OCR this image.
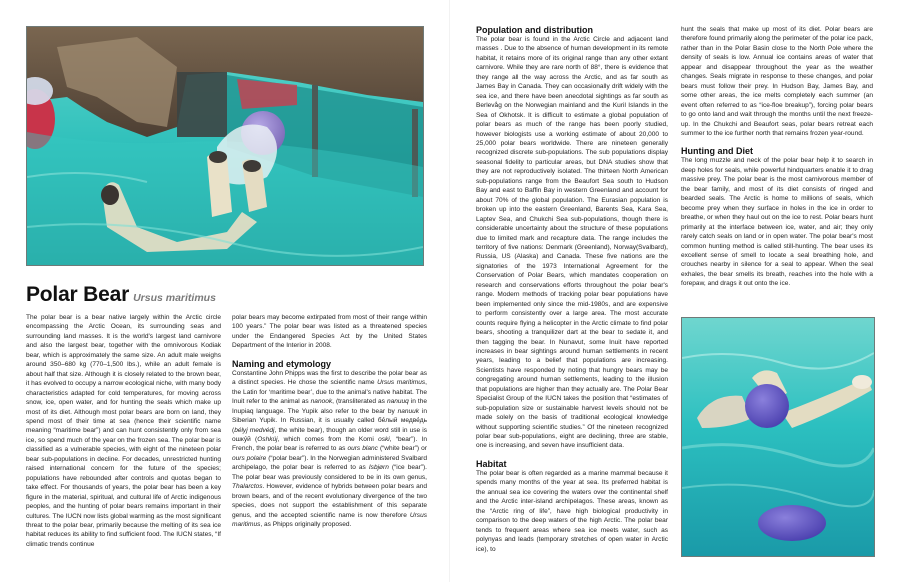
Polar Bear Ursus maritimus

The polar bear is a bear native largely within the Arctic circle encompassing the Arctic Ocean, its surrounding seas and surrounding land masses. It is the world's largest land carnivore and also the largest bear, together with the omnivorous Kodiak bear, which is approximately the same size. An adult male weighs around 350–680 kg (770–1,500 lbs.), while an adult female is about half that size. Although it is closely related to the brown bear, it has evolved to occupy a narrow ecological niche, with many body characteristics adapted for cold temperatures, for moving across snow, ice, open water, and for hunting the seals which make up most of its diet. Although most polar bears are born on land, they spend most of their time at sea (hence their scientific name meaning “maritime bear”) and can hunt consistently only from sea ice, so spend much of the year on the frozen sea. The polar bear is classified as a vulnerable species, with eight of the nineteen polar bear sub-populations in decline. For decades, unrestricted hunting raised international concern for the future of the species; populations have rebounded after controls and quotas began to take effect. For thousands of years, the polar bear has been a key figure in the material, spiritual, and cultural life of Arctic indigenous peoples, and the hunting of polar bears remains important in their cultures. The IUCN now lists global warming as the most significant threat to the polar bear, primarily because the melting of its sea ice habitat reduces its ability to find sufficient food. The IUCN states, “If climatic trends continue

polar bears may become extirpated from most of their range within 100 years.” The polar bear was listed as a threatened species under the Endangered Species Act by the United States Department of the Interior in 2008.

Naming and etymology

Constantine John Phipps was the first to describe the polar bear as a distinct species. He chose the scientific name Ursus maritimus, the Latin for ‘maritime bear’, due to the animal's native habitat. The Inuit refer to the animal as nanook, (transliterated as nanuuq in the Inupiaq language. The Yupik also refer to the bear by nanuuk in Siberian Yupik. In Russian, it is usually called бе́лый медве́дь (bélyj medvédj, the white bear), though an older word still in use is ошку́й (Oshkúj, which comes from the Komi oski, “bear”). In French, the polar bear is referred to as ours blanc (“white bear”) or ours polaire (“polar bear”). In the Norwegian administered Svalbard archipelago, the polar bear is referred to as Isbjørn (“ice bear”). The polar bear was previously considered to be in its own genus, Thalarctos. However, evidence of hybrids between polar bears and brown bears, and of the recent evolutionary divergence of the two species, does not support the establishment of this separate genus, and the accepted scientific name is now therefore Ursus maritimus, as Phipps originally proposed.

Population and distribution

The polar bear is found in the Arctic Circle and adjacent land masses . Due to the absence of human development in its remote habitat, it retains more of its original range than any other extant carnivore. While they are rare north of 88°, there is evidence that they range all the way across the Arctic, and as far south as James Bay in Canada. They can occasionally drift widely with the sea ice, and there have been anecdotal sightings as far south as Berlevåg on the Norwegian mainland and the Kuril Islands in the Sea of Okhotsk. It is difficult to estimate a global population of polar bears as much of the range has been poorly studied, however biologists use a working estimate of about 20,000 to 25,000 polar bears worldwide. There are nineteen generally recognized discrete sub-populations. The sub populations display seasonal fidelity to particular areas, but DNA studies show that they are not reproductively isolated. The thirteen North American sub-populations range from the Beaufort Sea south to Hudson Bay and east to Baffin Bay in western Greenland and account for about 70% of the global population. The Eurasian population is broken up into the eastern Greenland, Barents Sea, Kara Sea, Laptev Sea, and Chukchi Sea sub-populations, though there is considerable uncertainty about the structure of these populations due to limited mark and recapture data. The range includes the territory of five nations: Denmark (Greenland), Norway(Svalbard), Russia, US (Alaska) and Canada. These five nations are the signatories of the 1973 International Agreement for the Conservation of Polar Bears, which mandates cooperation on research and conservations efforts throughout the polar bear's range. Modern methods of tracking polar bear populations have been implemented only since the mid-1980s, and are expensive to perform consistently over a large area. The most accurate counts require flying a helicopter in the Arctic climate to find polar bears, shooting a tranquilizer dart at the bear to sedate it, and then tagging the bear. In Nunavut, some Inuit have reported increases in bear sightings around human settlements in recent years, leading to a belief that populations are increasing. Scientists have responded by noting that hungry bears may be congregating around human settlements, leading to the illusion that populations are higher than they actually are. The Polar Bear Specialist Group of the IUCN takes the position that “estimates of sub-population size or sustainable harvest levels should not be made solely on the basis of traditional ecological knowledge without supporting scientific studies.” Of the nineteen recognized polar bear sub-populations, eight are declining, three are stable, one is increasing, and seven have insufficient data.

Habitat

The polar bear is often regarded as a marine mammal because it spends many months of the year at sea. Its preferred habitat is the annual sea ice covering the waters over the continental shelf and the Arctic inter-island archipelagos. These areas, known as the “Arctic ring of life”, have high biological productivity in comparison to the deep waters of the high Arctic. The polar bear tends to frequent areas where sea ice meets water, such as polynyas and leads (temporary stretches of open water in Arctic ice), to

hunt the seals that make up most of its diet. Polar bears are therefore found primarily along the perimeter of the polar ice pack, rather than in the Polar Basin close to the North Pole where the density of seals is low. Annual ice contains areas of water that appear and disappear throughout the year as the weather changes. Seals migrate in response to these changes, and polar bears must follow their prey. In Hudson Bay, James Bay, and some other areas, the ice melts completely each summer (an event often referred to as “ice-floe breakup”), forcing polar bears to go onto land and wait through the months until the next freeze-up. In the Chukchi and Beaufort seas, polar bears retreat each summer to the ice further north that remains frozen year-round.

Hunting and Diet

The long muzzle and neck of the polar bear help it to search in deep holes for seals, while powerful hindquarters enable it to drag massive prey. The polar bear is the most carnivorous member of the bear family, and most of its diet consists of ringed and bearded seals. The Arctic is home to millions of seals, which become prey when they surface in holes in the ice in order to breathe, or when they haul out on the ice to rest. Polar bears hunt primarily at the interface between ice, water, and air; they only rarely catch seals on land or in open water. The polar bear's most common hunting method is called still-hunting. The bear uses its excellent sense of smell to locate a seal breathing hole, and crouches nearby in silence for a seal to appear. When the seal exhales, the bear smells its breath, reaches into the hole with a forepaw, and drags it out onto the ice.
